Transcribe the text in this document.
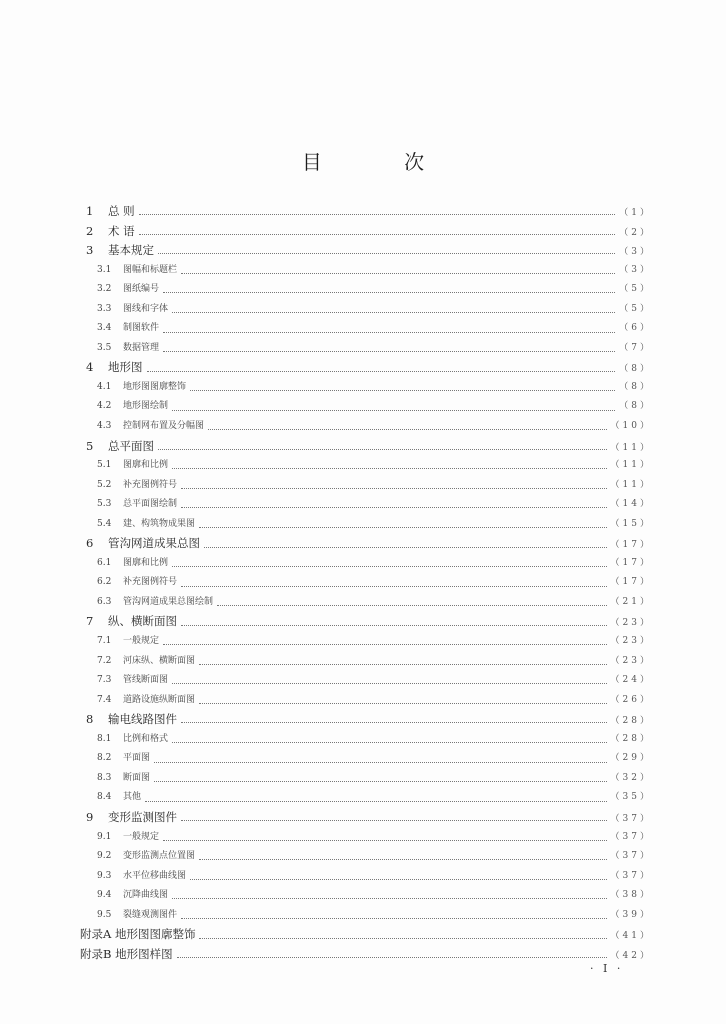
目 次
1	总 则	（1）
2	术 语	（2）
3	基本规定	（3）
3.1	图幅和标题栏	（3）
3.2	图纸编号	（5）
3.3	图线和字体	（5）
3.4	制图软件	（6）
3.5	数据管理	（7）
4	地形图	（8）
4.1	地形图图廓整饰	（8）
4.2	地形图绘制	（8）
4.3	控制网布置及分幅图	（10）
5	总平面图	（11）
5.1	图廓和比例	（11）
5.2	补充图例符号	（11）
5.3	总平面图绘制	（14）
5.4	建、构筑物成果图	（15）
6	管沟网道成果总图	（17）
6.1	图廓和比例	（17）
6.2	补充图例符号	（17）
6.3	管沟网道成果总图绘制	（21）
7	纵、横断面图	（23）
7.1	一般规定	（23）
7.2	河床纵、横断面图	（23）
7.3	管线断面图	（24）
7.4	道路设施纵断面图	（26）
8	输电线路图件	（28）
8.1	比例和格式	（28）
8.2	平面图	（29）
8.3	断面图	（32）
8.4	其他	（35）
9	变形监测图件	（37）
9.1	一般规定	（37）
9.2	变形监测点位置图	（37）
9.3	水平位移曲线图	（37）
9.4	沉降曲线图	（38）
9.5	裂缝观测图件	（39）
附录A 地形图图廓整饰	（41）
附录B 地形图样图	（42）
· I ·
